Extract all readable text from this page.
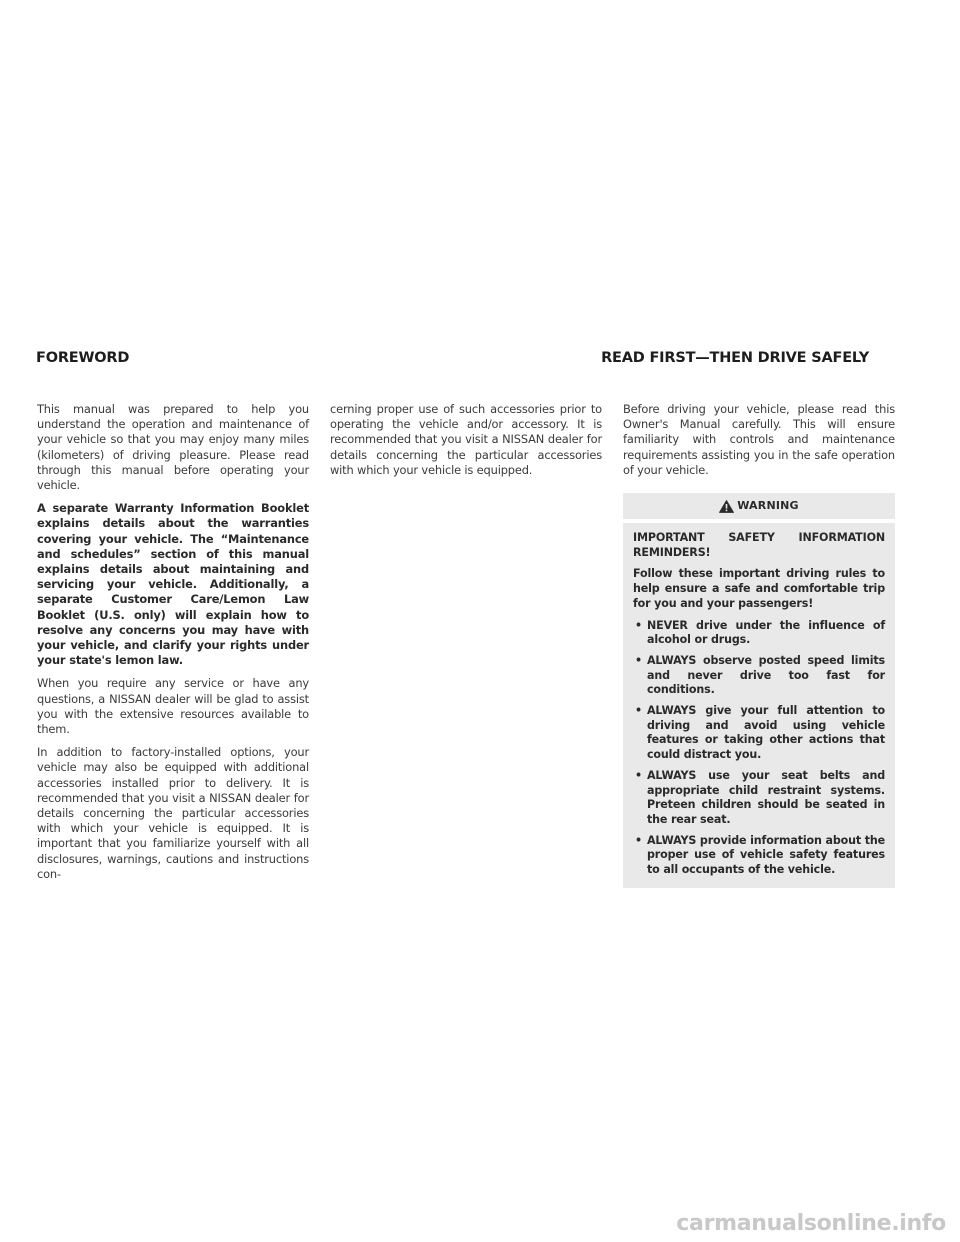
FOREWORD	READ FIRST—THEN DRIVE SAFELY

This manual was prepared to help you understand the operation and maintenance of your vehicle so that you may enjoy many miles (kilometers) of driving pleasure. Please read through this manual before operating your vehicle.

A separate Warranty Information Booklet explains details about the warranties covering your vehicle. The “Maintenance and schedules” section of this manual explains details about maintaining and servicing your vehicle. Additionally, a separate Customer Care/Lemon Law Booklet (U.S. only) will explain how to resolve any concerns you may have with your vehicle, and clarify your rights under your state's lemon law.

When you require any service or have any questions, a NISSAN dealer will be glad to assist you with the extensive resources available to them.

In addition to factory-installed options, your vehicle may also be equipped with additional accessories installed prior to delivery. It is recommended that you visit a NISSAN dealer for details concerning the particular accessories with which your vehicle is equipped. It is important that you familiarize yourself with all disclosures, warnings, cautions and instructions con-

cerning proper use of such accessories prior to operating the vehicle and/or accessory. It is recommended that you visit a NISSAN dealer for details concerning the particular accessories with which your vehicle is equipped.

Before driving your vehicle, please read this Owner's Manual carefully. This will ensure familiarity with controls and maintenance requirements assisting you in the safe operation of your vehicle.

WARNING

IMPORTANT SAFETY INFORMATION REMINDERS!

Follow these important driving rules to help ensure a safe and comfortable trip for you and your passengers!

• NEVER drive under the influence of alcohol or drugs.
• ALWAYS observe posted speed limits and never drive too fast for conditions.
• ALWAYS give your full attention to driving and avoid using vehicle features or taking other actions that could distract you.
• ALWAYS use your seat belts and appropriate child restraint systems. Preteen children should be seated in the rear seat.
• ALWAYS provide information about the proper use of vehicle safety features to all occupants of the vehicle.
carmanualsonline.info
